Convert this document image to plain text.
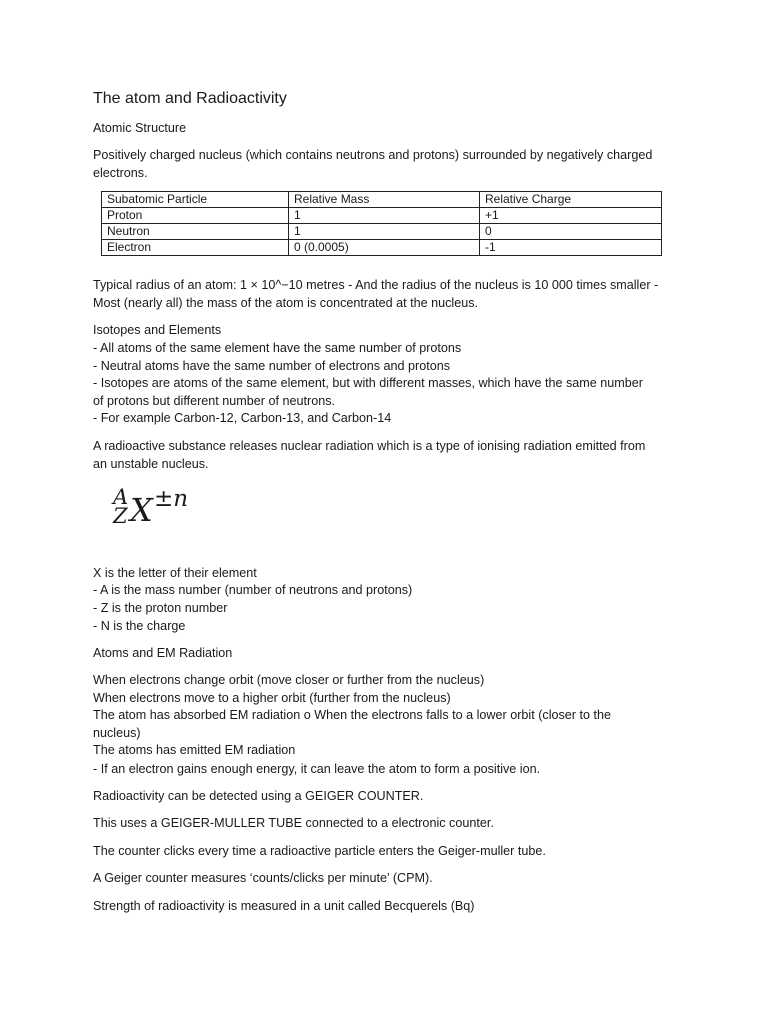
The atom and Radioactivity
Atomic Structure
Positively charged nucleus (which contains neutrons and protons) surrounded by negatively charged
electrons.
Subatomic Particle	Relative Mass	Relative Charge
Proton	1	+1
Neutron	1	0
Electron	0 (0.0005)	-1
Typical radius of an atom: 1 × 10^−10 metres - And the radius of the nucleus is 10 000 times smaller -
Most (nearly all) the mass of the atom is concentrated at the nucleus.
Isotopes and Elements
- All atoms of the same element have the same number of protons
- Neutral atoms have the same number of electrons and protons
- Isotopes are atoms of the same element, but with different masses, which have the same number
of protons but different number of neutrons.
- For example Carbon-12, Carbon-13, and Carbon-14
A radioactive substance releases nuclear radiation which is a type of ionising radiation emitted from
an unstable nucleus.
A
Z X ±n
X is the letter of their element
- A is the mass number (number of neutrons and protons)
- Z is the proton number
- N is the charge
Atoms and EM Radiation
When electrons change orbit (move closer or further from the nucleus)
When electrons move to a higher orbit (further from the nucleus)
The atom has absorbed EM radiation o When the electrons falls to a lower orbit (closer to the
nucleus)
The atoms has emitted EM radiation
- If an electron gains enough energy, it can leave the atom to form a positive ion.
Radioactivity can be detected using a GEIGER COUNTER.
This uses a GEIGER-MULLER TUBE connected to a electronic counter.
The counter clicks every time a radioactive particle enters the Geiger-muller tube.
A Geiger counter measures ‘counts/clicks per minute’ (CPM).
Strength of radioactivity is measured in a unit called Becquerels (Bq)
